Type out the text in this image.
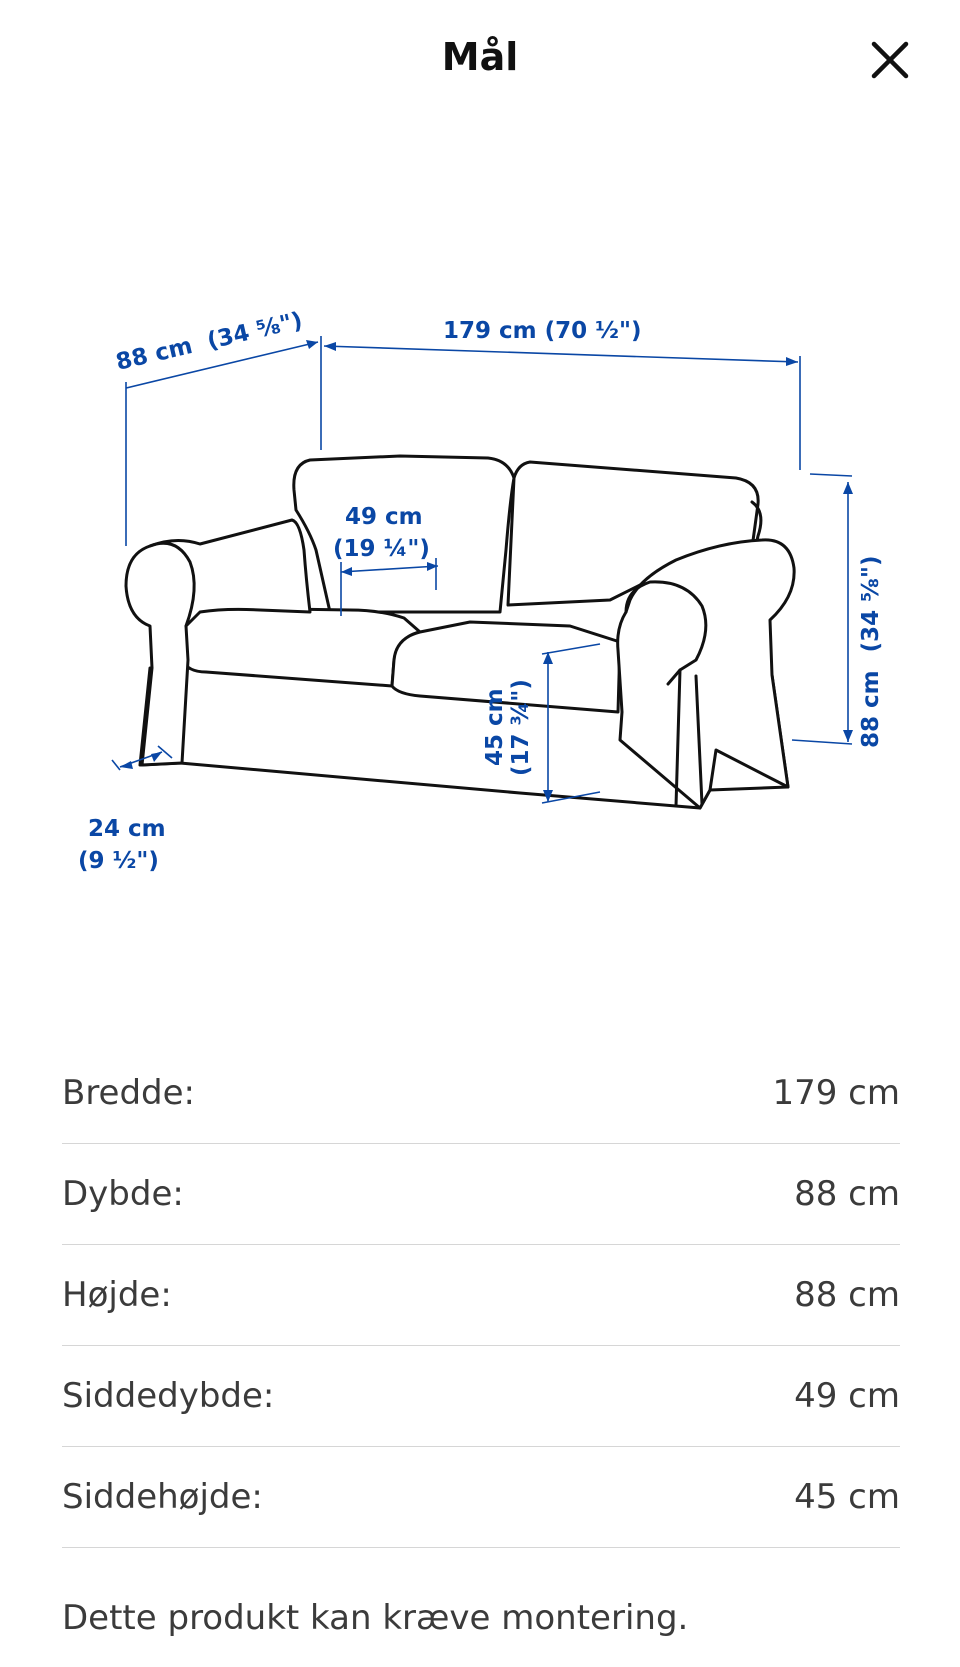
Mål
88 cm (34 ⅝")	179 cm (70 ½")
49 cm
(19 ¼")
88 cm (34 ⅝")
45 cm (17 ¾")
24 cm
(9 ½")
Bredde:	179 cm
Dybde:	88 cm
Højde:	88 cm
Siddedybde:	49 cm
Siddehøjde:	45 cm
Dette produkt kan kræve montering.
